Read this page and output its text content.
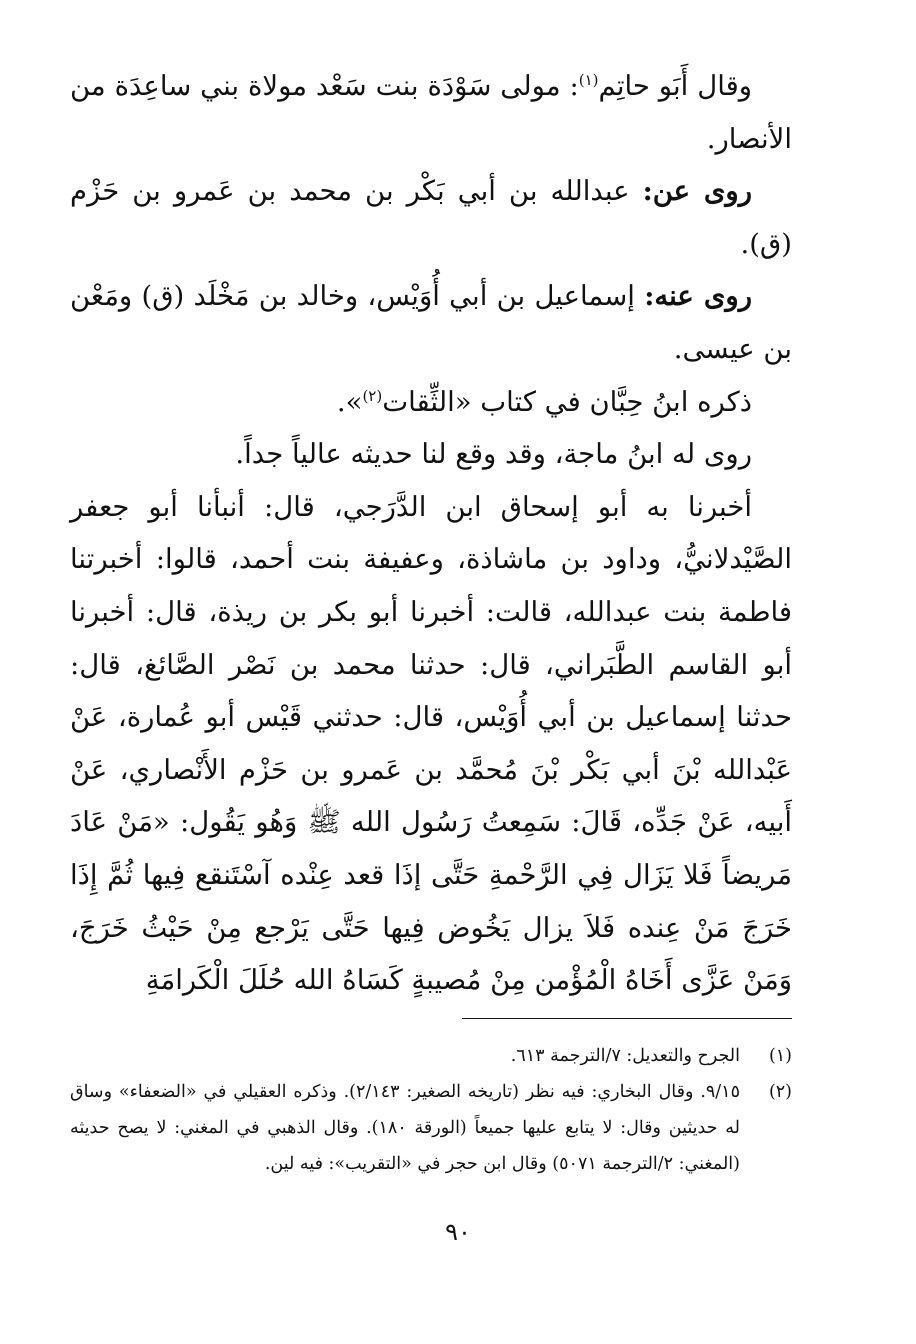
وقال أَبَو حاتِم$^{(١)}$: مولى سَوْدَة بنت سَعْد مولاة بني ساعِدَة من الأنصار.

روى عن: عبدالله بن أبي بَكْر بن محمد بن عَمرو بن حَزْم (ق).

روى عنه: إسماعيل بن أبي أُوَيْس، وخالد بن مَخْلَد (ق) ومَعْن بن عيسى.

ذكره ابنُ حِبَّان في كتاب «الثِّقات$^{(٢)}$».

روى له ابنُ ماجة، وقد وقع لنا حديثه عالياً جداً.

أخبرنا به أبو إسحاق ابن الدَّرَجي، قال: أنبأنا أبو جعفر الصَّيْدلانيُّ، وداود بن ماشاذة، وعفيفة بنت أحمد، قالوا: أخبرتنا فاطمة بنت عبدالله، قالت: أخبرنا أبو بكر بن ريذة، قال: أخبرنا أبو القاسم الطَّبَراني، قال: حدثنا محمد بن نَصْر الصَّائغ، قال: حدثنا إسماعيل بن أبي أُوَيْس، قال: حدثني قَيْس أبو عُمارة، عَنْ عَبْدالله بْنَ أبي بَكْر بْنَ مُحمَّد بن عَمرو بن حَزْم الأَنْصاري، عَنْ أَبيه، عَنْ جَدِّه، قَالَ: سَمِعتُ رَسُول الله ﷺ وَهُو يَقُول: «مَنْ عَادَ مَريضاً فَلا يَزَال فِي الرَّحْمةِ حَتَّى إذَا قعد عِنْده آسْتَنقع فِيها ثُمَّ إِذَا خَرَجَ مَنْ عِنده فَلاَ يزال يَخُوض فِيها حَتَّى يَرْجع مِنْ حَيْثُ خَرَجَ، وَمَنْ عَزَّى أَخَاهُ الْمُؤْمن مِنْ مُصيبةٍ كَسَاهُ الله حُلَلَ الْكَرامَةِ

(١)
الجرح والتعديل: ٧/الترجمة ٦١٣.
(٢)
٩/١٥. وقال البخاري: فيه نظر (تاريخه الصغير: ٢/١٤٣). وذكره العقيلي في «الضعفاء» وساق له حديثين وقال: لا يتابع عليها جميعاً (الورقة ١٨٠). وقال الذهبي في المغني: لا يصح حديثه (المغني: ٢/الترجمة ٥٠٧١) وقال ابن حجر في «التقريب»: فيه لين.
٩٠
